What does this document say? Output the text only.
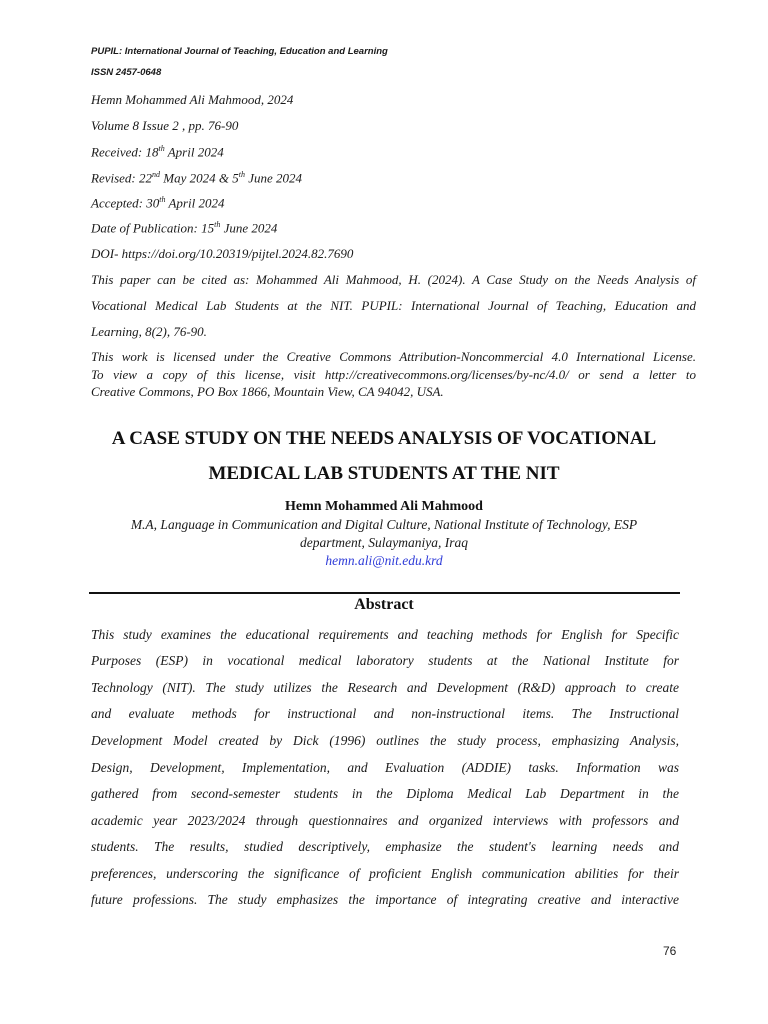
PUPIL: International Journal of Teaching, Education and Learning
ISSN 2457-0648
Hemn Mohammed Ali Mahmood, 2024
Volume 8 Issue 2 , pp. 76-90
Received: 18th April 2024
Revised: 22nd May 2024 & 5th June 2024
Accepted: 30th April 2024
Date of Publication: 15th June 2024
DOI- https://doi.org/10.20319/pijtel.2024.82.7690
This paper can be cited as: Mohammed Ali Mahmood, H. (2024). A Case Study on the Needs Analysis of
Vocational Medical Lab Students at the NIT. PUPIL: International Journal of Teaching, Education and
Learning, 8(2), 76-90.
This work is licensed under the Creative Commons Attribution-Noncommercial 4.0 International License.
To view a copy of this license, visit http://creativecommons.org/licenses/by-nc/4.0/ or send a letter to
Creative Commons, PO Box 1866, Mountain View, CA 94042, USA.
A CASE STUDY ON THE NEEDS ANALYSIS OF VOCATIONAL
MEDICAL LAB STUDENTS AT THE NIT
Hemn Mohammed Ali Mahmood
M.A, Language in Communication and Digital Culture, National Institute of Technology, ESP
department, Sulaymaniya, Iraq
hemn.ali@nit.edu.krd
Abstract
This study examines the educational requirements and teaching methods for English for Specific
Purposes (ESP) in vocational medical laboratory students at the National Institute for
Technology (NIT). The study utilizes the Research and Development (R&D) approach to create
and evaluate methods for instructional and non-instructional items. The Instructional
Development Model created by Dick (1996) outlines the study process, emphasizing Analysis,
Design, Development, Implementation, and Evaluation (ADDIE) tasks. Information was
gathered from second-semester students in the Diploma Medical Lab Department in the
academic year 2023/2024 through questionnaires and organized interviews with professors and
students. The results, studied descriptively, emphasize the student's learning needs and
preferences, underscoring the significance of proficient English communication abilities for their
future professions. The study emphasizes the importance of integrating creative and interactive
76
